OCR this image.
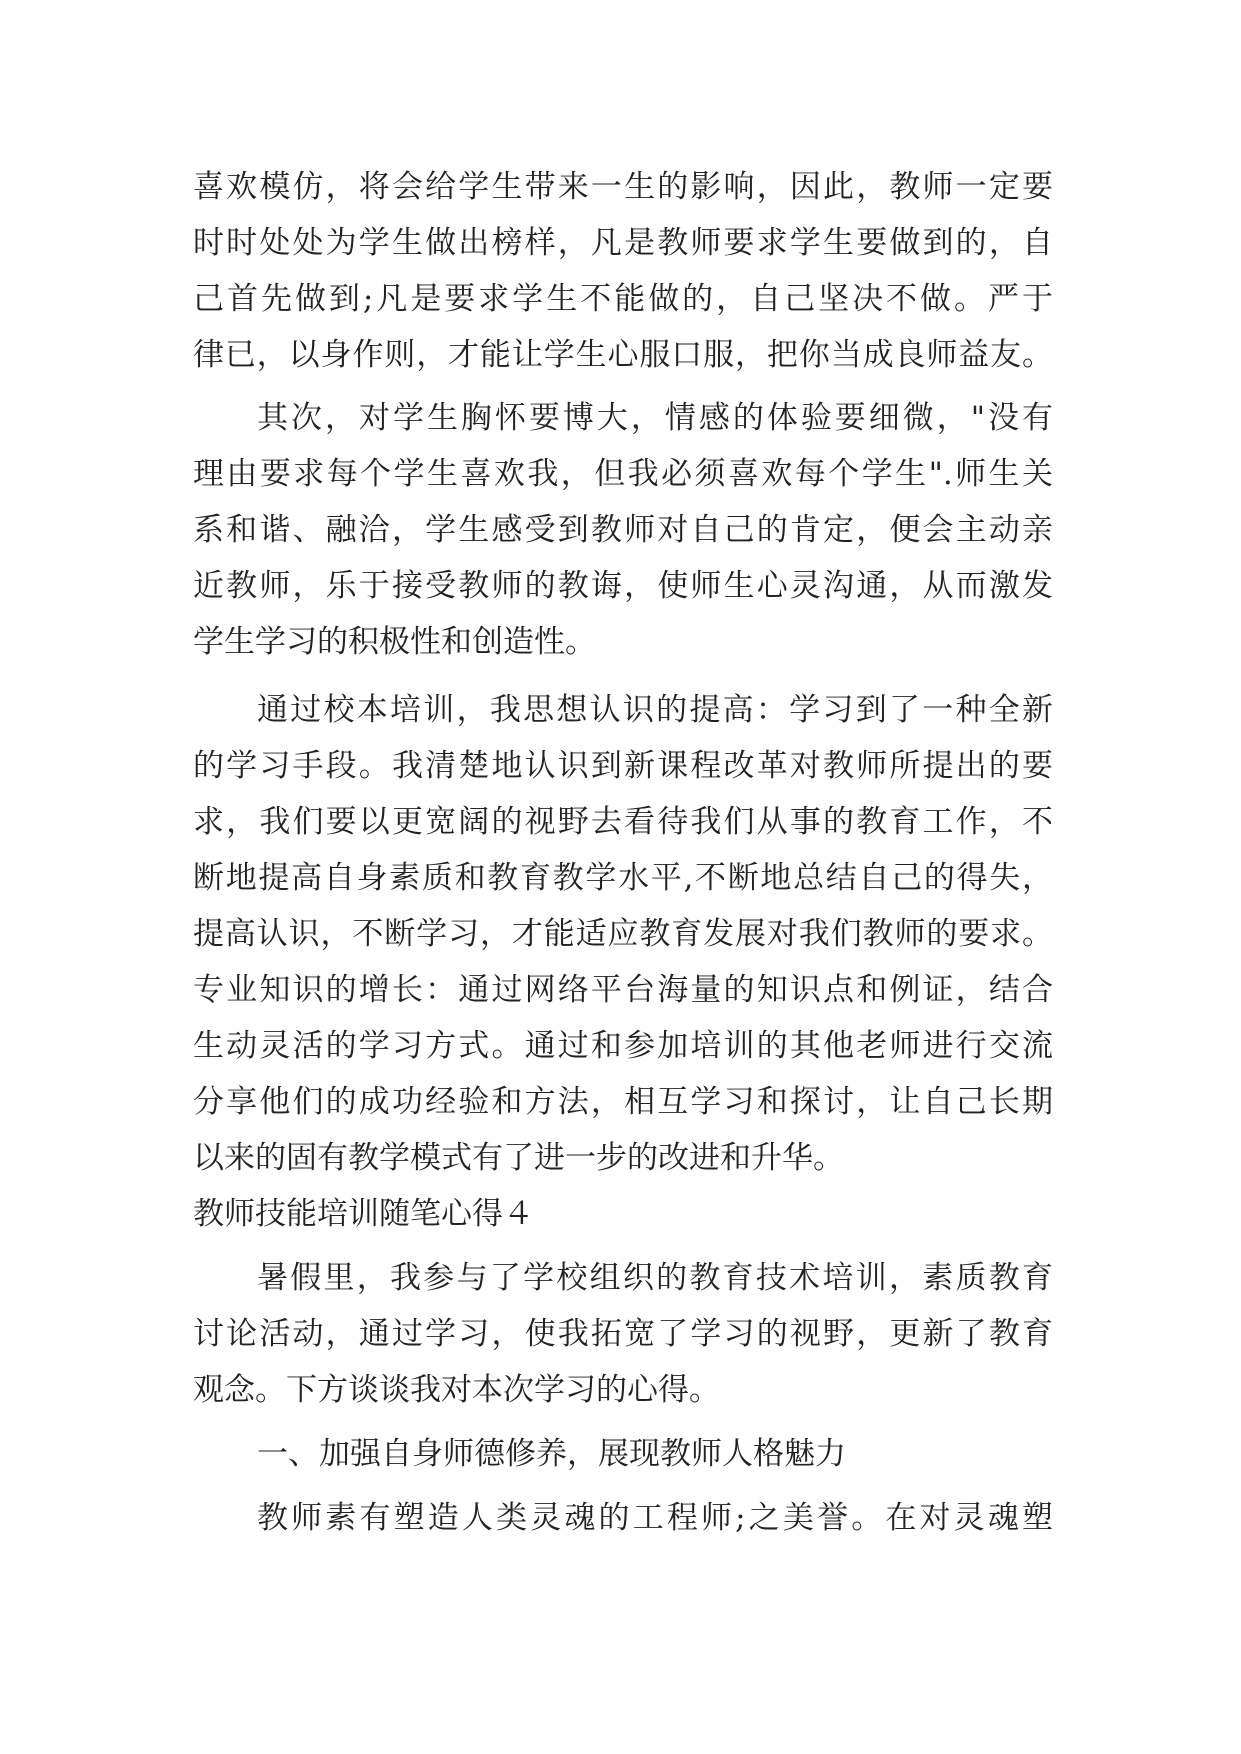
喜欢模仿，将会给学生带来一生的影响，因此，教师一定要
时时处处为学生做出榜样，凡是教师要求学生要做到的，自
己首先做到;凡是要求学生不能做的，自己坚决不做。严于
律已，以身作则，才能让学生心服口服，把你当成良师益友。
其次，对学生胸怀要博大，情感的体验要细微，"没有
理由要求每个学生喜欢我，但我必须喜欢每个学生".师生关
系和谐、融洽，学生感受到教师对自己的肯定，便会主动亲
近教师，乐于接受教师的教诲，使师生心灵沟通，从而激发
学生学习的积极性和创造性。
通过校本培训，我思想认识的提高：学习到了一种全新
的学习手段。我清楚地认识到新课程改革对教师所提出的要
求，我们要以更宽阔的视野去看待我们从事的教育工作，不
断地提高自身素质和教育教学水平,不断地总结自己的得失，
提高认识，不断学习，才能适应教育发展对我们教师的要求。
专业知识的增长：通过网络平台海量的知识点和例证，结合
生动灵活的学习方式。通过和参加培训的其他老师进行交流
分享他们的成功经验和方法，相互学习和探讨，让自己长期
以来的固有教学模式有了进一步的改进和升华。
教师技能培训随笔心得４
暑假里，我参与了学校组织的教育技术培训，素质教育
讨论活动，通过学习，使我拓宽了学习的视野，更新了教育
观念。下方谈谈我对本次学习的心得。
一、加强自身师德修养，展现教师人格魅力
教师素有塑造人类灵魂的工程师;之美誉。在对灵魂塑
